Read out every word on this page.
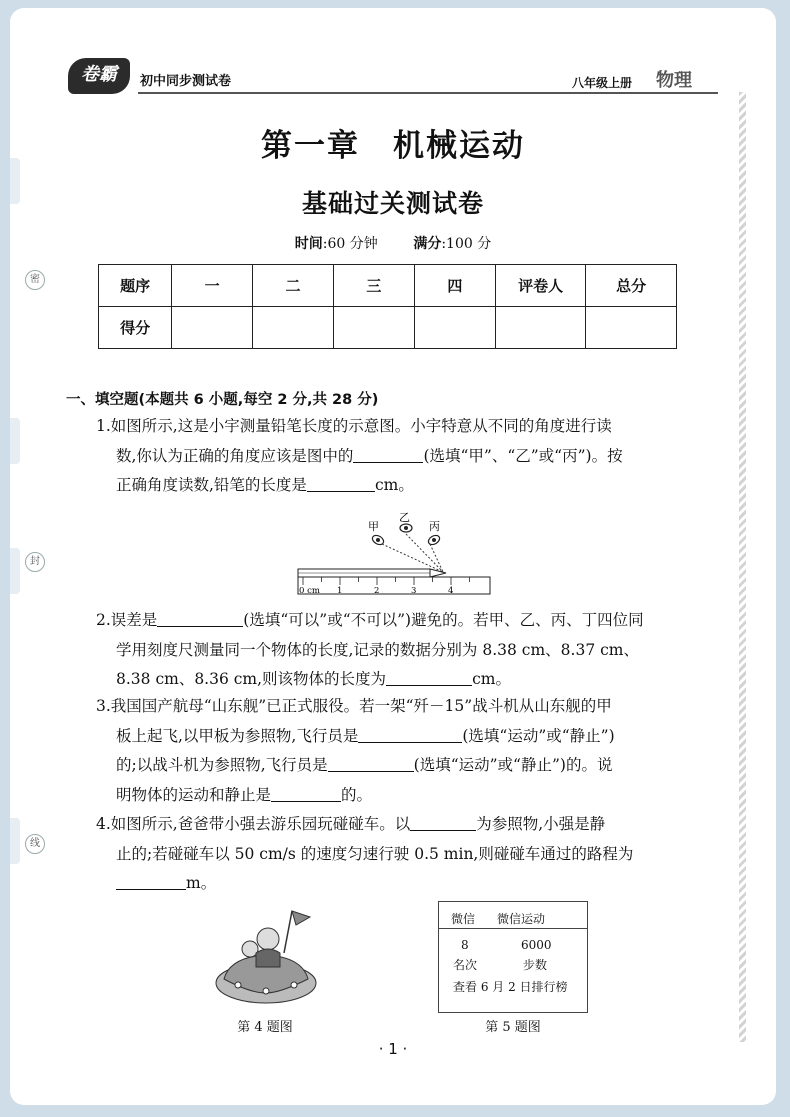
密
封
线
卷霸	初中同步测试卷	八年级上册 物理
第一章　机械运动
基础过关测试卷
时间:60 分钟	满分:100 分
题序	一	二	三	四	评卷人	总分
得分						
一、填空题(本题共 6 小题,每空 2 分,共 28 分)
1.如图所示,这是小宇测量铅笔长度的示意图。小宇特意从不同的角度进行读
数,你认为正确的角度应该是图中的	(选填“甲”、“乙”或“丙”)。按
正确角度读数,铅笔的长度是	cm。
乙
甲	丙
0 cm 1	2	3	4
2.误差是	(选填“可以”或“不可以”)避免的。若甲、乙、丙、丁四位同
学用刻度尺测量同一个物体的长度,记录的数据分别为 8.38 cm、8.37 cm、
8.38 cm、8.36 cm,则该物体的长度为	cm。
3.我国国产航母“山东舰”已正式服役。若一架“歼－15”战斗机从山东舰的甲
板上起飞,以甲板为参照物,飞行员是	(选填“运动”或“静止”)
的;以战斗机为参照物,飞行员是	(选填“运动”或“静止”)的。说
明物体的运动和静止是	的。
4.如图所示,爸爸带小强去游乐园玩碰碰车。以	为参照物,小强是静
止的;若碰碰车以 50 cm/s 的速度匀速行驶 0.5 min,则碰碰车通过的路程为
m。
第 4 题图
微信 微信运动
8
名次
6000
步数
查看 6 月 2 日排行榜
第 5 题图
· 1 ·
